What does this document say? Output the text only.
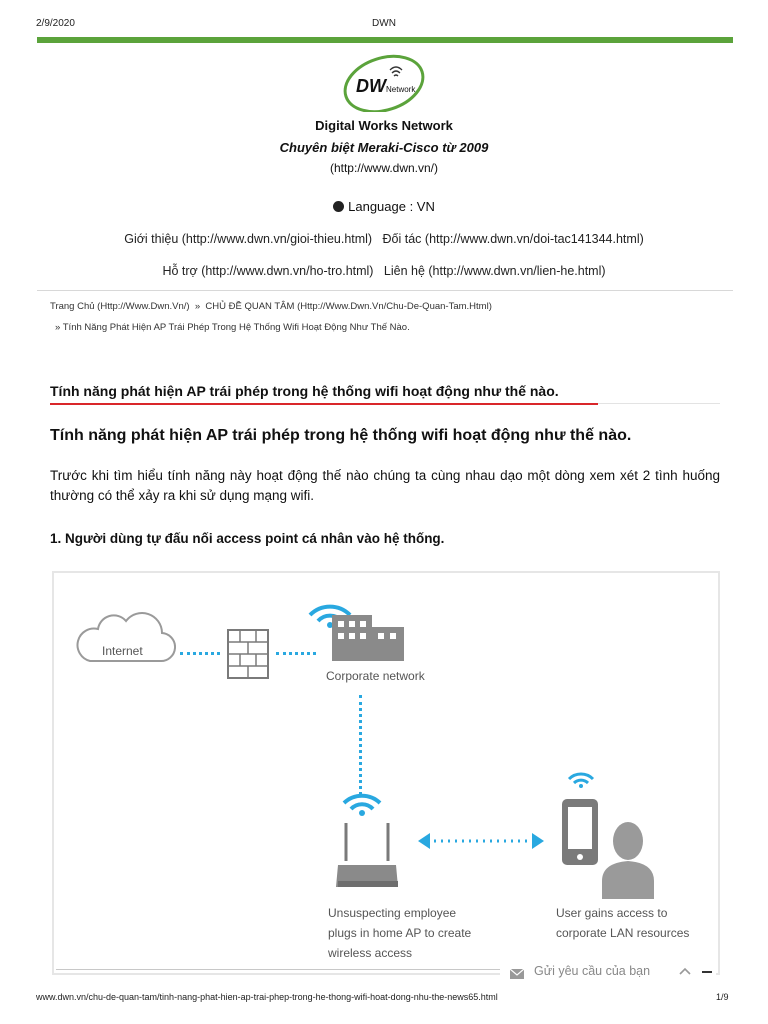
2/9/2020	DWN
DW Network
Digital Works Network
Chuyên biệt Meraki-Cisco từ 2009
(http://www.dwn.vn/)
Language : VN
Giới thiệu (http://www.dwn.vn/gioi-thieu.html) Đối tác (http://www.dwn.vn/doi-tac141344.html)
Hỗ trợ (http://www.dwn.vn/ho-tro.html) Liên hệ (http://www.dwn.vn/lien-he.html)
Trang Chủ (Http://Www.Dwn.Vn/) » CHỦ ĐỀ QUAN TÂM (Http://Www.Dwn.Vn/Chu-De-Quan-Tam.Html)
» Tính Năng Phát Hiện AP Trái Phép Trong Hệ Thống Wifi Hoạt Động Như Thế Nào.
Tính năng phát hiện AP trái phép trong hệ thống wifi hoạt động như thế nào.
Tính năng phát hiện AP trái phép trong hệ thống wifi hoạt động như thế nào.
Trước khi tìm hiểu tính năng này hoạt động thế nào chúng ta cùng nhau dạo một dòng xem xét 2 tình huống thường có thể xảy ra khi sử dụng mạng wifi.
1. Người dùng tự đấu nối access point cá nhân vào hệ thống.
Internet
Corporate network
Unsuspecting employee
plugs in home AP to create
wireless access
User gains access to
corporate LAN resources
Gửi yêu cầu của bạn
www.dwn.vn/chu-de-quan-tam/tinh-nang-phat-hien-ap-trai-phep-trong-he-thong-wifi-hoat-dong-nhu-the-news65.html	1/9
